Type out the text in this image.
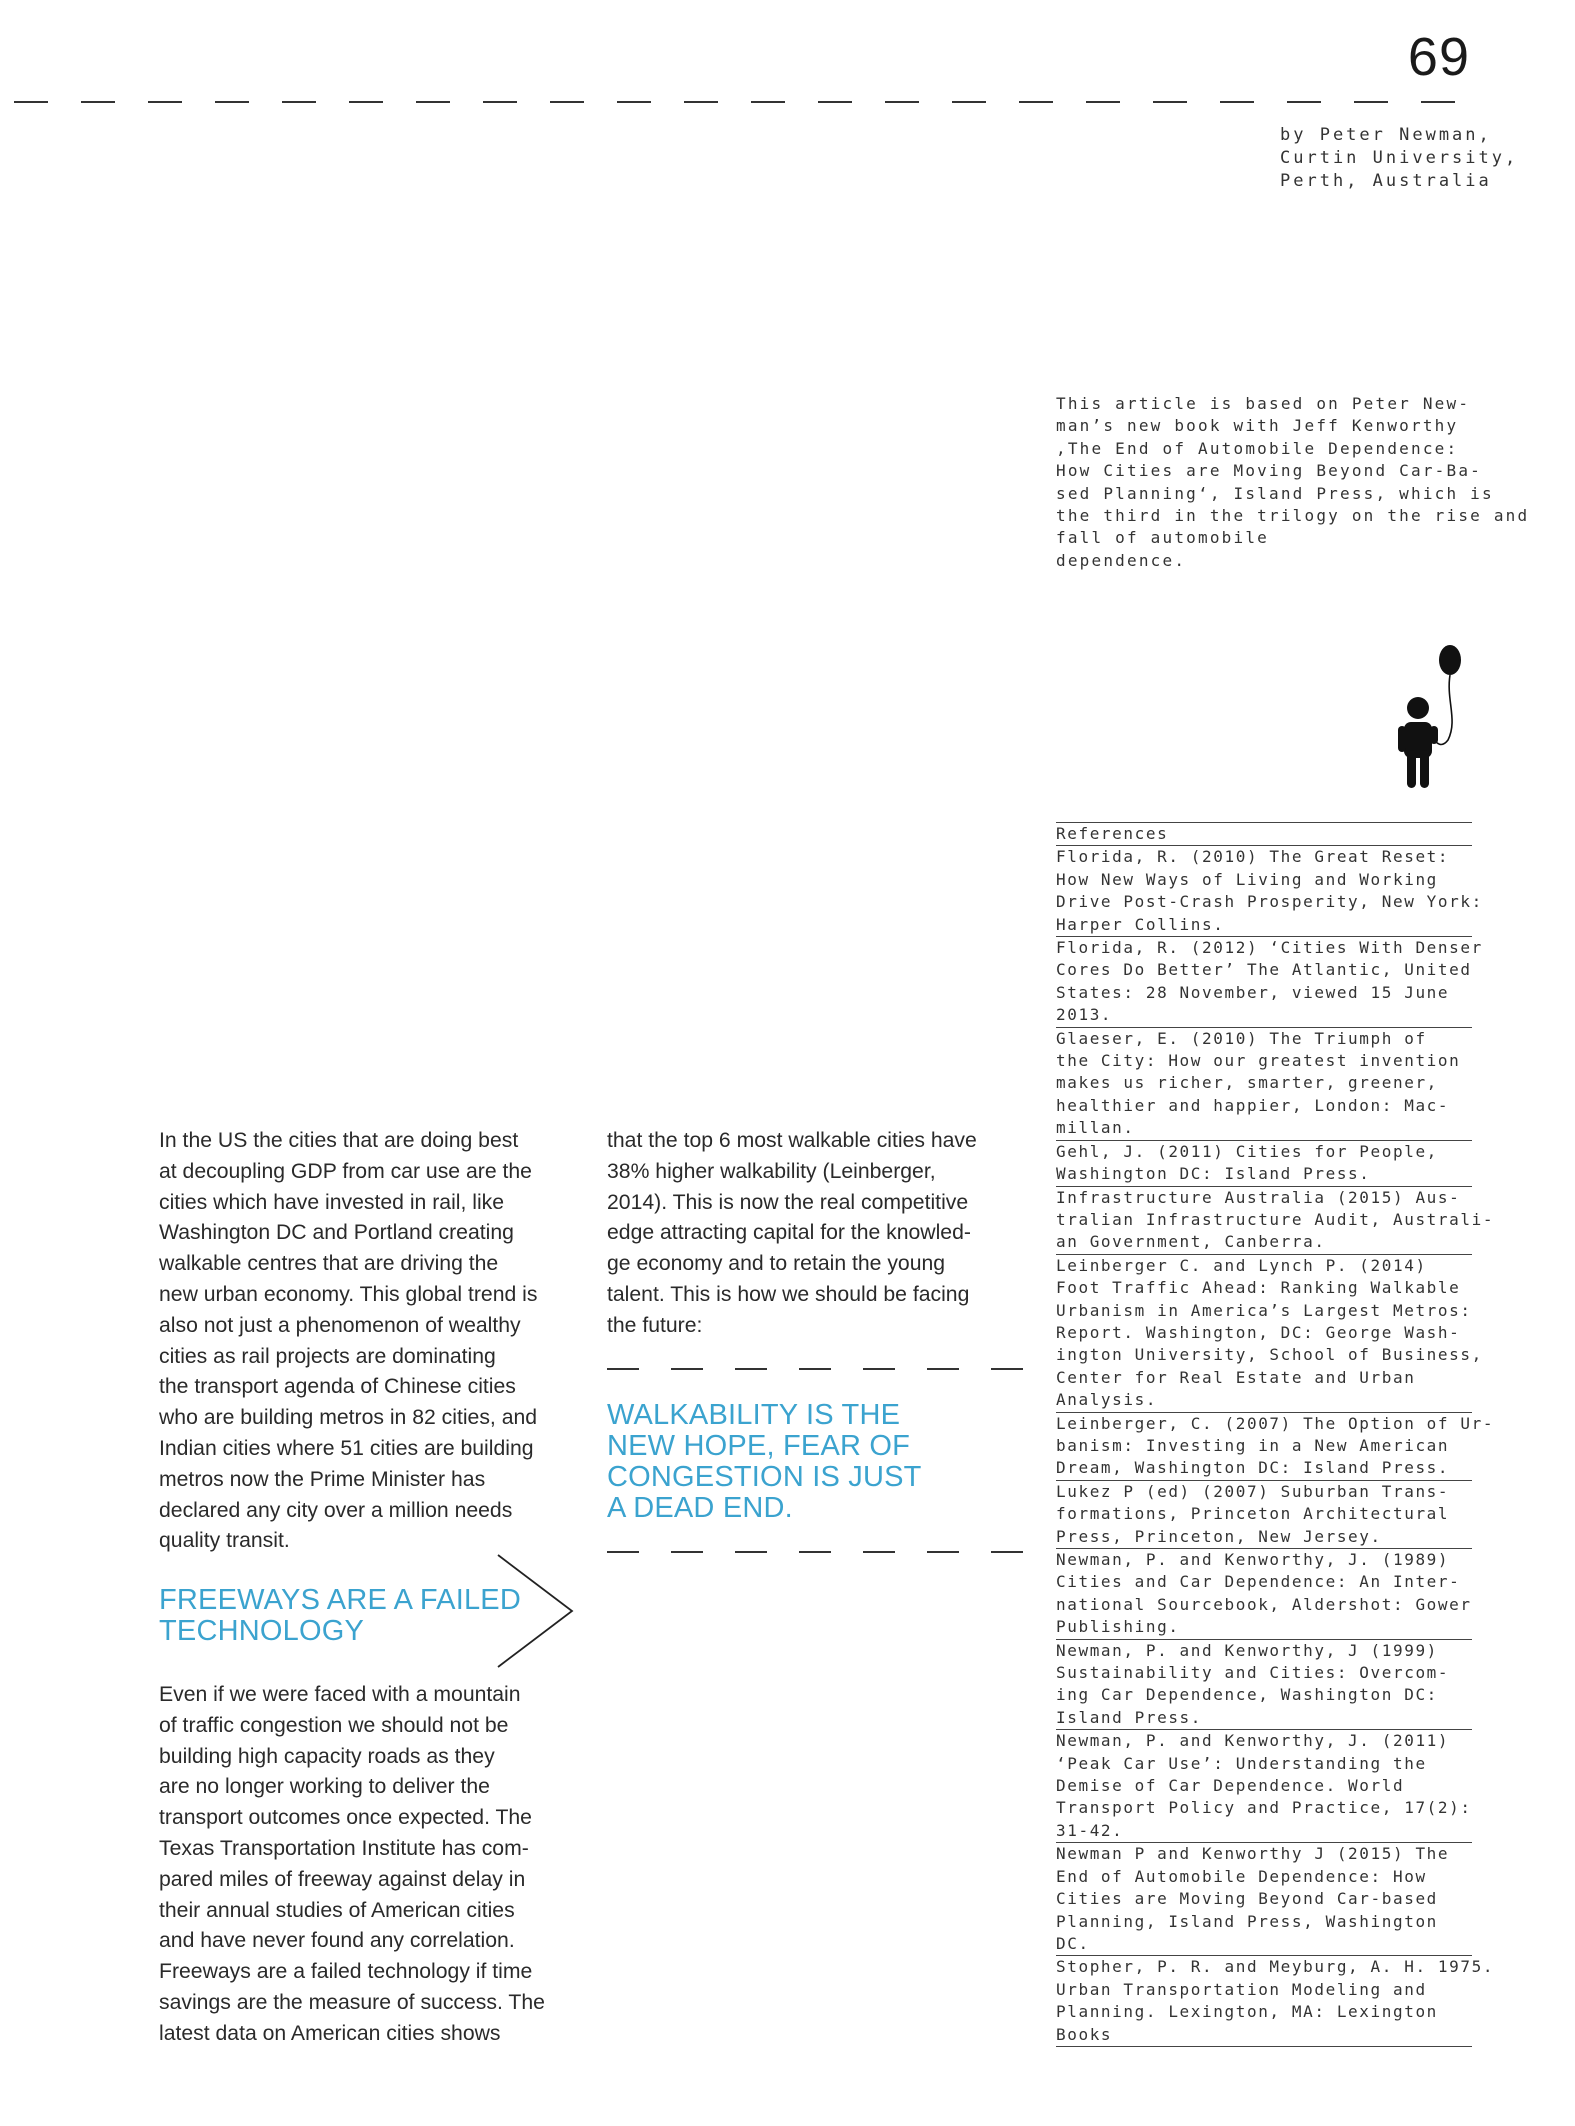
69
by Peter Newman,
Curtin University,
Perth, Australia
This article is based on Peter New-
man’s new book with Jeff Kenworthy
‚The End of Automobile Dependence:
How Cities are Moving Beyond Car-Ba-
sed Planning‘, Island Press, which is
the third in the trilogy on the rise and
fall of automobile
dependence.
References
Florida, R. (2010) The Great Reset:
How New Ways of Living and Working
Drive Post-Crash Prosperity, New York:
Harper Collins.
Florida, R. (2012) ‘Cities With Denser
Cores Do Better’ The Atlantic, United
States: 28 November, viewed 15 June
2013.
Glaeser, E. (2010) The Triumph of
the City: How our greatest invention
makes us richer, smarter, greener,
healthier and happier, London: Mac-
millan.
Gehl, J. (2011) Cities for People,
Washington DC: Island Press.
Infrastructure Australia (2015) Aus-
tralian Infrastructure Audit, Australi-
an Government, Canberra.
Leinberger C. and Lynch P. (2014)
Foot Traffic Ahead: Ranking Walkable
Urbanism in America’s Largest Metros:
Report. Washington, DC: George Wash-
ington University, School of Business,
Center for Real Estate and Urban
Analysis.
Leinberger, C. (2007) The Option of Ur-
banism: Investing in a New American
Dream, Washington DC: Island Press.
Lukez P (ed) (2007) Suburban Trans-
formations, Princeton Architectural
Press, Princeton, New Jersey.
Newman, P. and Kenworthy, J. (1989)
Cities and Car Dependence: An Inter-
national Sourcebook, Aldershot: Gower
Publishing.
Newman, P. and Kenworthy, J (1999)
Sustainability and Cities: Overcom-
ing Car Dependence, Washington DC:
Island Press.
Newman, P. and Kenworthy, J. (2011)
‘Peak Car Use’: Understanding the
Demise of Car Dependence. World
Transport Policy and Practice, 17(2):
31-42.
Newman P and Kenworthy J (2015) The
End of Automobile Dependence: How
Cities are Moving Beyond Car-based
Planning, Island Press, Washington
DC.
Stopher, P. R. and Meyburg, A. H. 1975.
Urban Transportation Modeling and
Planning. Lexington, MA: Lexington
Books
In the US the cities that are doing best
at decoupling GDP from car use are the
cities which have invested in rail, like
Washington DC and Portland creating
walkable centres that are driving the
new urban economy. This global trend is
also not just a phenomenon of wealthy
cities as rail projects are dominating
the transport agenda of Chinese cities
who are building metros in 82 cities, and
Indian cities where 51 cities are building
metros now the Prime Minister has
declared any city over a million needs
quality transit.
FREEWAYS ARE A FAILED
TECHNOLOGY
Even if we were faced with a mountain
of traffic congestion we should not be
building high capacity roads as they
are no longer working to deliver the
transport outcomes once expected. The
Texas Transportation Institute has com-
pared miles of freeway against delay in
their annual studies of American cities
and have never found any correlation.
Freeways are a failed technology if time
savings are the measure of success. The
latest data on American cities shows
that the top 6 most walkable cities have
38% higher walkability (Leinberger,
2014). This is now the real competitive
edge attracting capital for the knowled-
ge economy and to retain the young
talent. This is how we should be facing
the future:
WALKABILITY IS THE
NEW HOPE, FEAR OF
CONGESTION IS JUST
A DEAD END.
